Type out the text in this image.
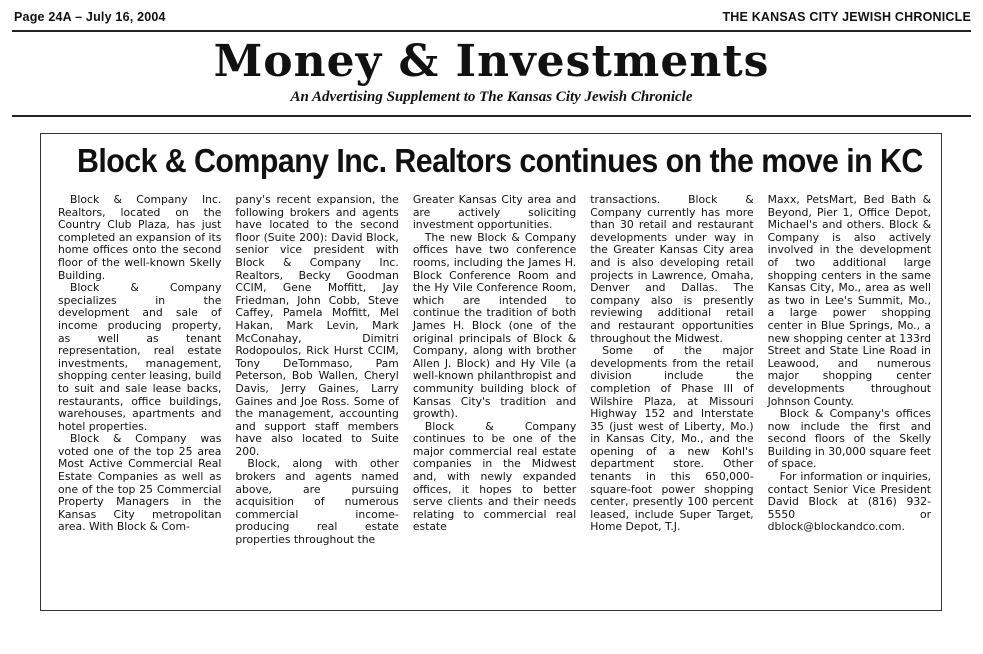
Page 24A – July 16, 2004	THE KANSAS CITY JEWISH CHRONICLE
Money & Investments
An Advertising Supplement to The Kansas City Jewish Chronicle
Block & Company Inc. Realtors continues on the move in KC

Block & Company Inc. Realtors, located on the Country Club Plaza, has just completed an expansion of its home offices onto the second floor of the well-known Skelly Building.

Block & Company specializes in the development and sale of income producing property, as well as tenant representation, real estate investments, management, shopping center leasing, build to suit and sale lease backs, restaurants, office buildings, warehouses, apartments and hotel properties.

Block & Company was voted one of the top 25 area Most Active Commercial Real Estate Companies as well as one of the top 25 Commercial Property Managers in the Kansas City metropolitan area. With Block & Com-

pany's recent expansion, the following brokers and agents have located to the second floor (Suite 200): David Block, senior vice president with Block & Company Inc. Realtors, Becky Goodman CCIM, Gene Moffitt, Jay Friedman, John Cobb, Steve Caffey, Pamela Moffitt, Mel Hakan, Mark Levin, Mark McConahay, Dimitri Rodopoulos, Rick Hurst CCIM, Tony DeTommaso, Pam Peterson, Bob Wallen, Cheryl Davis, Jerry Gaines, Larry Gaines and Joe Ross. Some of the management, accounting and support staff members have also located to Suite 200.

Block, along with other brokers and agents named above, are pursuing acquisition of numerous commercial income-producing real estate properties throughout the

Greater Kansas City area and are actively soliciting investment opportunities.

The new Block & Company offices have two conference rooms, including the James H. Block Conference Room and the Hy Vile Conference Room, which are intended to continue the tradition of both James H. Block (one of the original principals of Block & Company, along with brother Allen J. Block) and Hy Vile (a well-known philanthropist and community building block of Kansas City's tradition and growth).

Block & Company continues to be one of the major commercial real estate companies in the Midwest and, with newly expanded offices, it hopes to better serve clients and their needs relating to commercial real estate

transactions. Block & Company currently has more than 30 retail and restaurant developments under way in the Greater Kansas City area and is also developing retail projects in Lawrence, Omaha, Denver and Dallas. The company also is presently reviewing additional retail and restaurant opportunities throughout the Midwest.

Some of the major developments from the retail division include the completion of Phase III of Wilshire Plaza, at Missouri Highway 152 and Interstate 35 (just west of Liberty, Mo.) in Kansas City, Mo., and the opening of a new Kohl's department store. Other tenants in this 650,000-square-foot power shopping center, presently 100 percent leased, include Super Target, Home Depot, T.J.

Maxx, PetsMart, Bed Bath & Beyond, Pier 1, Office Depot, Michael's and others. Block & Company is also actively involved in the development of two additional large shopping centers in the same Kansas City, Mo., area as well as two in Lee's Summit, Mo., a large power shopping center in Blue Springs, Mo., a new shopping center at 133rd Street and State Line Road in Leawood, and numerous major shopping center developments throughout Johnson County.

Block & Company's offices now include the first and second floors of the Skelly Building in 30,000 square feet of space.

For information or inquiries, contact Senior Vice President David Block at (816) 932-5550 or dblock@blockandco.com.
